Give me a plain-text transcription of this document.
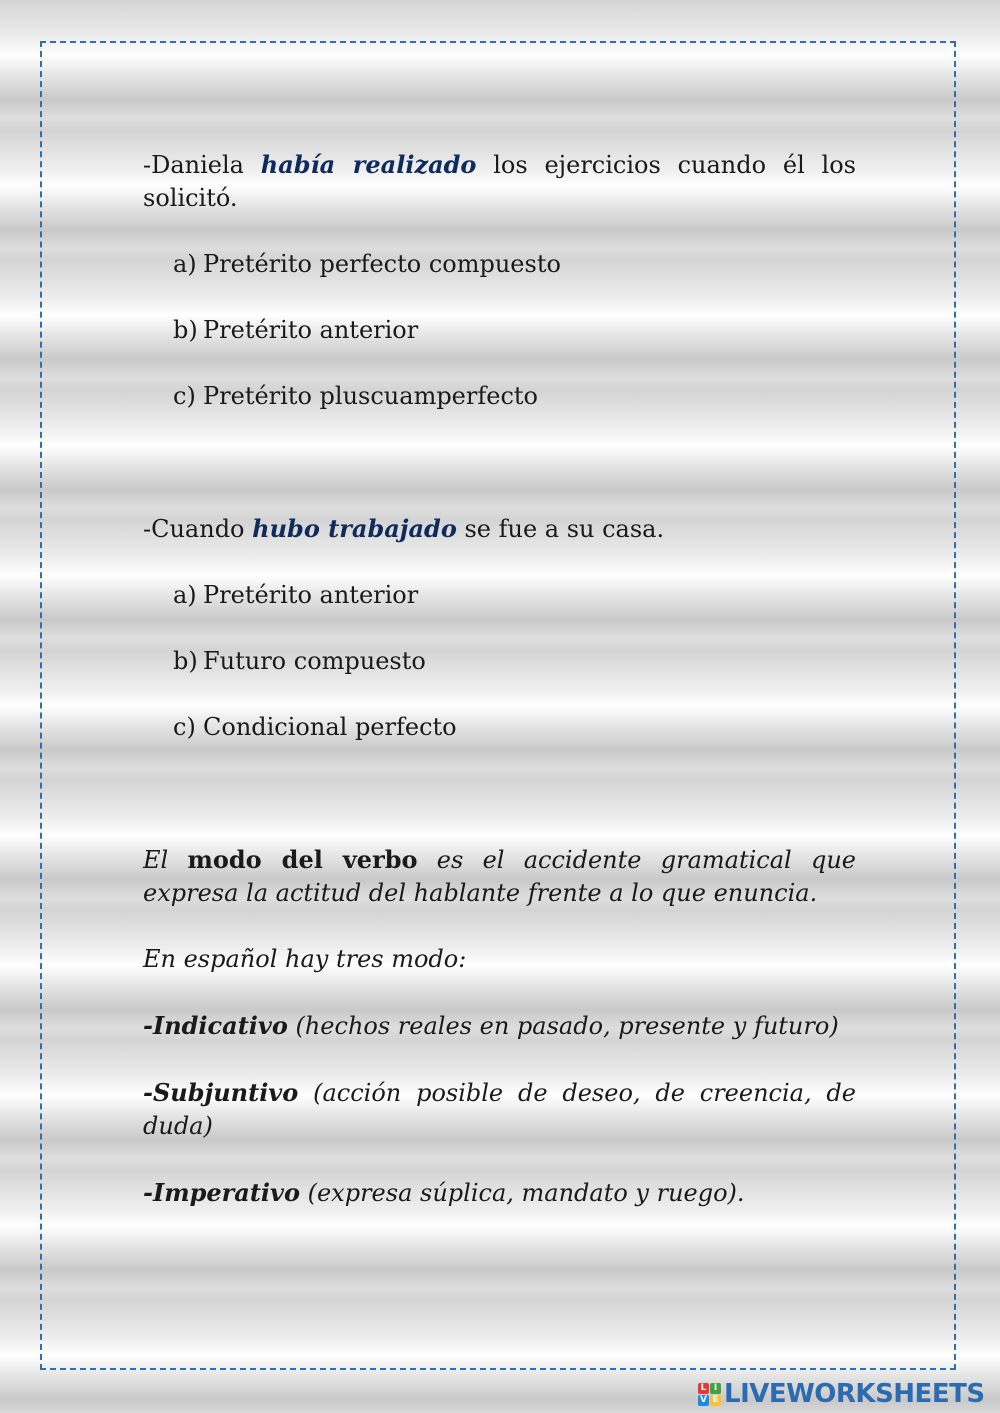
-Daniela había realizado los ejercicios cuando él los solicitó.

a) Pretérito perfecto compuesto
b) Pretérito anterior
c) Pretérito pluscuamperfecto

-Cuando hubo trabajado se fue a su casa.

a) Pretérito anterior
b) Futuro compuesto
c) Condicional perfecto

El modo del verbo es el accidente gramatical que expresa la actitud del hablante frente a lo que enuncia.

En español hay tres modo:

-Indicativo (hechos reales en pasado, presente y futuro)

-Subjuntivo (acción posible de deseo, de creencia, de duda)

-Imperativo (expresa súplica, mandato y ruego).

L I
V E LIVEWORKSHEETS
